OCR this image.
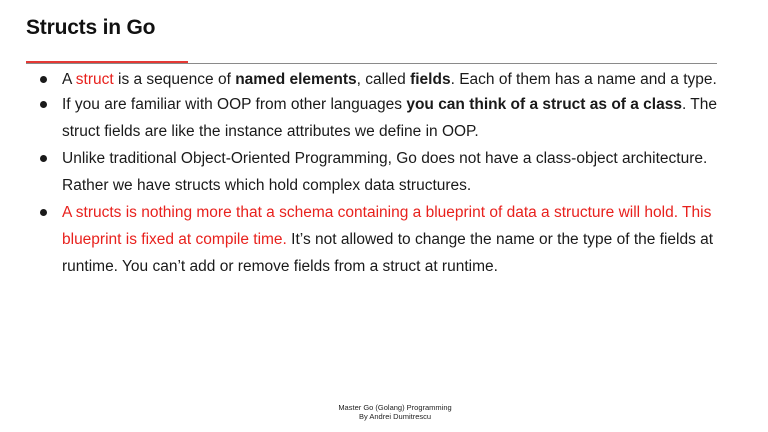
Structs in Go
A struct is a sequence of named elements, called fields. Each of them has a name and a type.
If you are familiar with OOP from other languages you can think of a struct as of a class. The struct fields are like the instance attributes we define in OOP.
Unlike traditional Object-Oriented Programming, Go does not have a class-object architecture. Rather we have structs which hold complex data structures.
A structs is nothing more that a schema containing a blueprint of data a structure will hold. This blueprint is fixed at compile time. It’s not allowed to change the name or the type of the fields at runtime. You can’t add or remove fields from a struct at runtime.
Master Go (Golang) Programming
By Andrei Dumitrescu
